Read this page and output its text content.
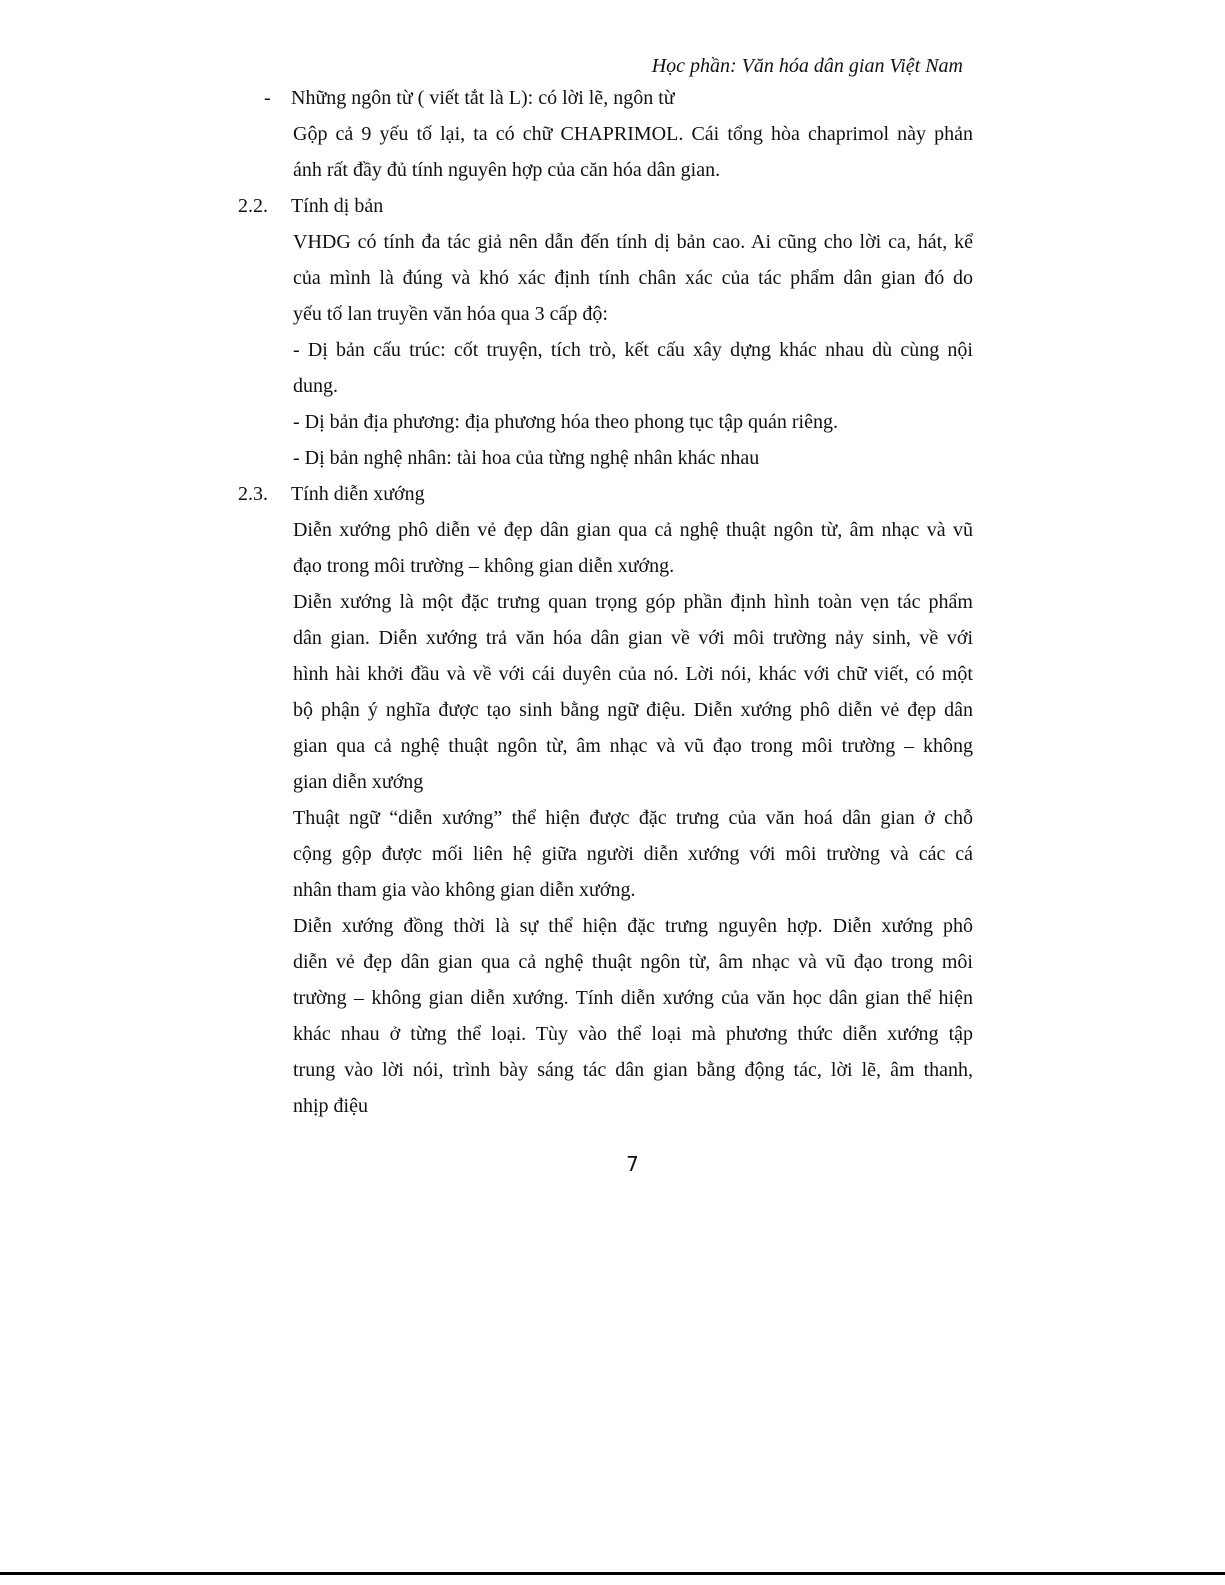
Học phần: Văn hóa dân gian Việt Nam
- Những ngôn từ ( viết tắt là L): có lời lẽ, ngôn từ
Gộp cả 9 yếu tố lại, ta có chữ CHAPRIMOL. Cái tổng hòa chaprimol này phản
ánh rất đầy đủ tính nguyên hợp của căn hóa dân gian.
2.2. Tính dị bản
VHDG có tính đa tác giả nên dẫn đến tính dị bản cao. Ai cũng cho lời ca, hát, kể
của mình là đúng và khó xác định tính chân xác của tác phẩm dân gian đó do
yếu tố lan truyền văn hóa qua 3 cấp độ:
- Dị bản cấu trúc: cốt truyện, tích trò, kết cấu xây dựng khác nhau dù cùng nội
dung.
- Dị bản địa phương: địa phương hóa theo phong tục tập quán riêng.
- Dị bản nghệ nhân: tài hoa của từng nghệ nhân khác nhau
2.3. Tính diễn xướng
Diễn xướng phô diễn vẻ đẹp dân gian qua cả nghệ thuật ngôn từ, âm nhạc và vũ
đạo trong môi trường – không gian diễn xướng.
Diễn xướng là một đặc trưng quan trọng góp phần định hình toàn vẹn tác phẩm
dân gian. Diễn xướng trả văn hóa dân gian về với môi trường nảy sinh, về với
hình hài khởi đầu và về với cái duyên của nó. Lời nói, khác với chữ viết, có một
bộ phận ý nghĩa được tạo sinh bằng ngữ điệu. Diễn xướng phô diễn vẻ đẹp dân
gian qua cả nghệ thuật ngôn từ, âm nhạc và vũ đạo trong môi trường – không
gian diễn xướng
Thuật ngữ “diễn xướng” thể hiện được đặc trưng của văn hoá dân gian ở chỗ
cộng gộp được mối liên hệ giữa người diễn xướng với môi trường và các cá
nhân tham gia vào không gian diễn xướng.
Diễn xướng đồng thời là sự thể hiện đặc trưng nguyên hợp. Diễn xướng phô
diễn vẻ đẹp dân gian qua cả nghệ thuật ngôn từ, âm nhạc và vũ đạo trong môi
trường – không gian diễn xướng. Tính diễn xướng của văn học dân gian thể hiện
khác nhau ở từng thể loại. Tùy vào thể loại mà phương thức diễn xướng tập
trung vào lời nói, trình bày sáng tác dân gian bằng động tác, lời lẽ, âm thanh,
nhịp điệu
7
